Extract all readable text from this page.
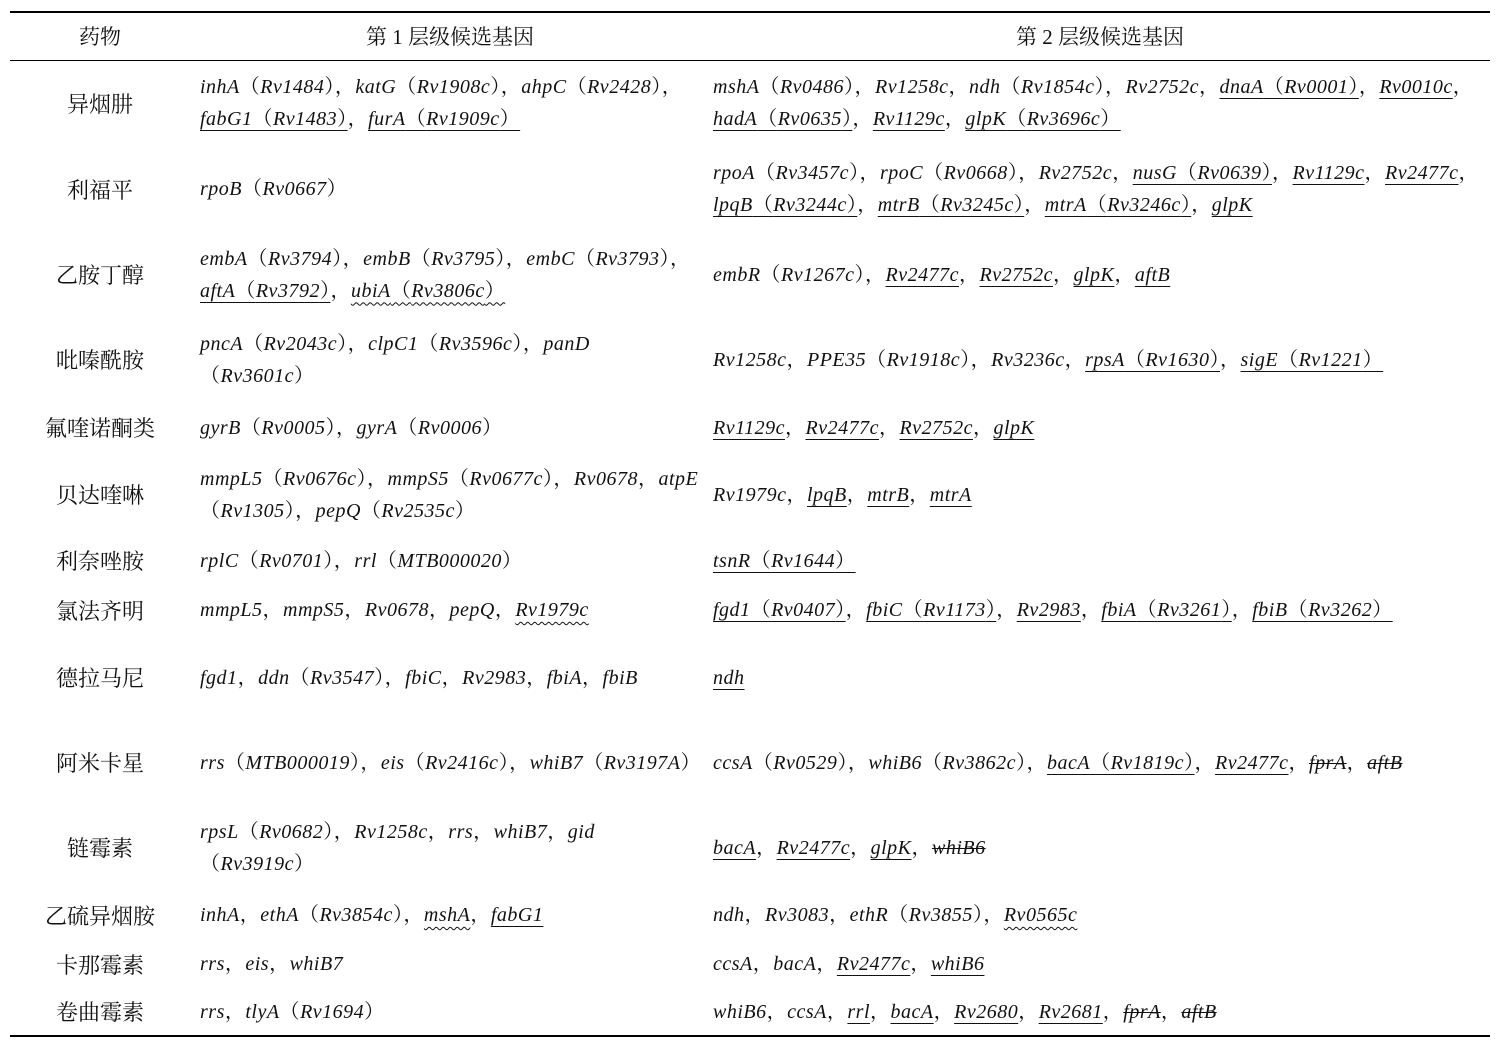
药物	第 1 层级候选基因	第 2 层级候选基因
异烟肼	inhA（Rv1484），katG（Rv1908c），ahpC（Rv2428），fabG1（Rv1483），furA（Rv1909c）	mshA（Rv0486），Rv1258c，ndh（Rv1854c），Rv2752c，dnaA（Rv0001），Rv0010c，hadA（Rv0635），Rv1129c，glpK（Rv3696c）
利福平	rpoB（Rv0667）	rpoA（Rv3457c），rpoC（Rv0668），Rv2752c，nusG（Rv0639），Rv1129c，Rv2477c，lpqB（Rv3244c），mtrB（Rv3245c），mtrA（Rv3246c），glpK
乙胺丁醇	embA（Rv3794），embB（Rv3795），embC（Rv3793），aftA（Rv3792），ubiA（Rv3806c）	embR（Rv1267c），Rv2477c，Rv2752c，glpK，aftB
吡嗪酰胺	pncA（Rv2043c），clpC1（Rv3596c），panD（Rv3601c）	Rv1258c，PPE35（Rv1918c），Rv3236c，rpsA（Rv1630），sigE（Rv1221）
氟喹诺酮类	gyrB（Rv0005），gyrA（Rv0006）	Rv1129c，Rv2477c，Rv2752c，glpK
贝达喹啉	mmpL5（Rv0676c），mmpS5（Rv0677c），Rv0678，atpE（Rv1305），pepQ（Rv2535c）	Rv1979c，lpqB，mtrB，mtrA
利奈唑胺	rplC（Rv0701），rrl（MTB000020）	tsnR（Rv1644）
氯法齐明	mmpL5，mmpS5，Rv0678，pepQ，Rv1979c	fgd1（Rv0407），fbiC（Rv1173），Rv2983，fbiA（Rv3261），fbiB（Rv3262）
德拉马尼	fgd1，ddn（Rv3547），fbiC，Rv2983，fbiA，fbiB	ndh
阿米卡星	rrs（MTB000019），eis（Rv2416c），whiB7（Rv3197A）	ccsA（Rv0529），whiB6（Rv3862c），bacA（Rv1819c），Rv2477c，fprA，aftB
链霉素	rpsL（Rv0682），Rv1258c，rrs，whiB7，gid（Rv3919c）	bacA，Rv2477c，glpK，whiB6
乙硫异烟胺	inhA，ethA（Rv3854c），mshA，fabG1	ndh，Rv3083，ethR（Rv3855），Rv0565c
卡那霉素	rrs，eis，whiB7	ccsA，bacA，Rv2477c，whiB6
卷曲霉素	rrs，tlyA（Rv1694）	whiB6，ccsA，rrl，bacA，Rv2680，Rv2681，fprA，aftB
